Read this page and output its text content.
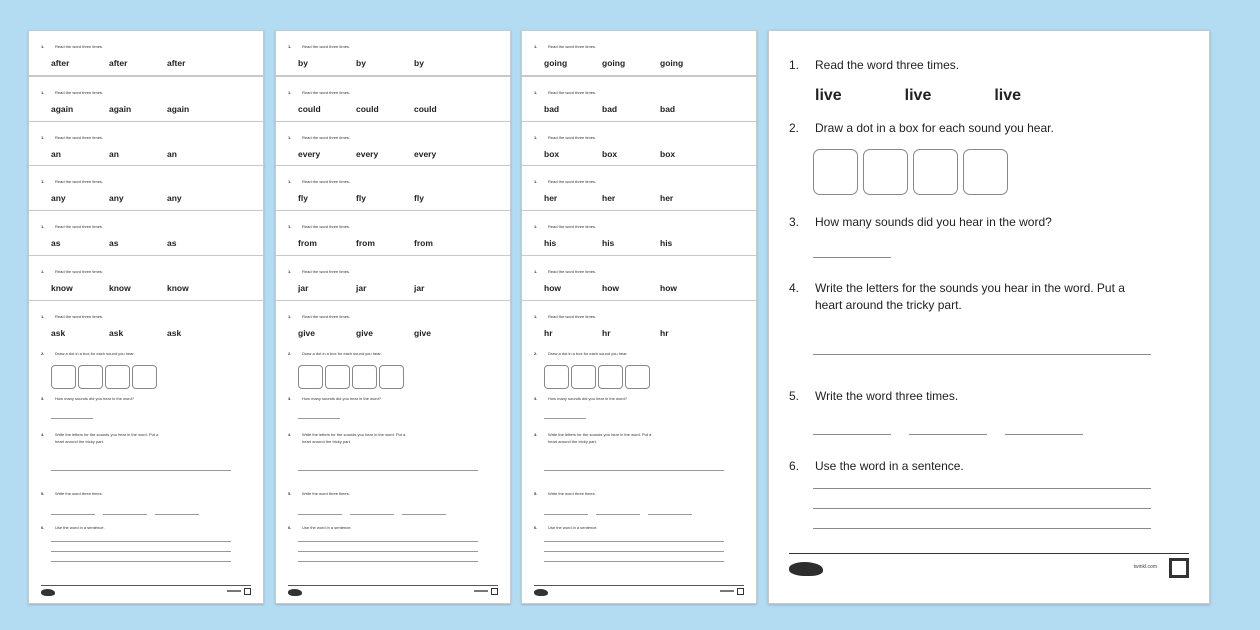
1.	Read the word three times.
after	after	after
1.	Read the word three times.
again	again	again
1.	Read the word three times.
an	an	an
1.	Read the word three times.
any	any	any
1.	Read the word three times.
as	as	as
1.	Read the word three times.
know	know	know
1.	Read the word three times.
ask	ask	ask
2.	Draw a dot in a box for each sound you hear.
3.	How many sounds did you hear in the word?
4.	Write the letters for the sounds you hear in the word. Put a
heart around the tricky part.
5.	Write the word three times.
6.	Use the word in a sentence.
1.	Read the word three times.
by	by	by
1.	Read the word three times.
could	could	could
1.	Read the word three times.
every	every	every
1.	Read the word three times.
fly	fly	fly
1.	Read the word three times.
from	from	from
1.	Read the word three times.
jar	jar	jar
1.	Read the word three times.
give	give	give
2.	Draw a dot in a box for each sound you hear.
3.	How many sounds did you hear in the word?
4.	Write the letters for the sounds you hear in the word. Put a
heart around the tricky part.
5.	Write the word three times.
6.	Use the word in a sentence.
1.	Read the word three times.
going	going	going
1.	Read the word three times.
bad	bad	bad
1.	Read the word three times.
box	box	box
1.	Read the word three times.
her	her	her
1.	Read the word three times.
his	his	his
1.	Read the word three times.
how	how	how
1.	Read the word three times.
hr	hr	hr
2.	Draw a dot in a box for each sound you hear.
3.	How many sounds did you hear in the word?
4.	Write the letters for the sounds you hear in the word. Put a
heart around the tricky part.
5.	Write the word three times.
6.	Use the word in a sentence.
1. Read the word three times.
live	live	live
2. Draw a dot in a box for each sound you hear.
3. How many sounds did you hear in the word?
4. Write the letters for the sounds you hear in the word. Put a
heart around the tricky part.
5. Write the word three times.
6. Use the word in a sentence.
twinkl.com
